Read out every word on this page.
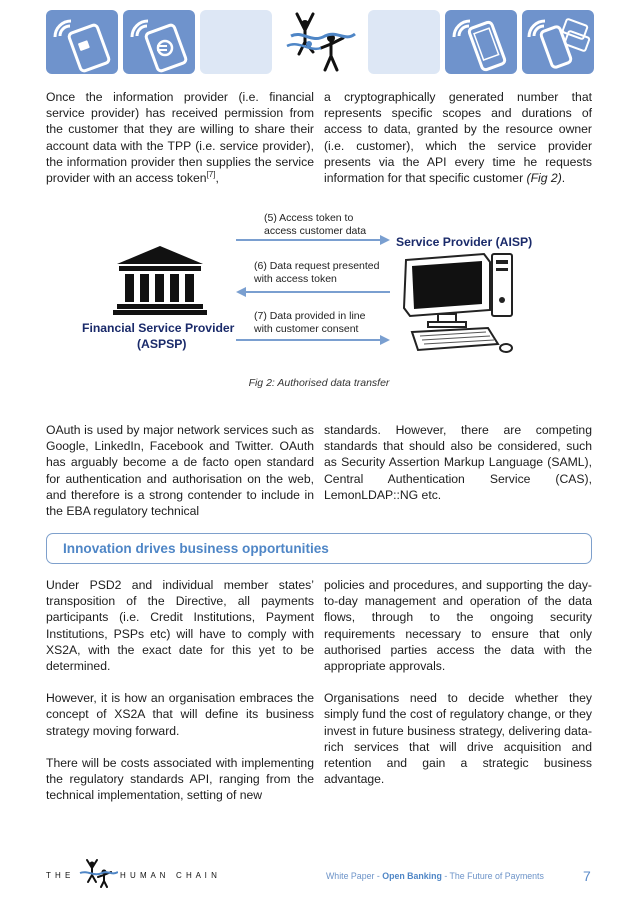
Once the information provider (i.e. financial service provider) has received permission from the customer that they are willing to share their account data with the TPP (i.e. service provider), the information provider then supplies the service provider with an access token[7],

a cryptographically generated number that represents specific scopes and durations of access to data, granted by the resource owner (i.e. customer), which the service provider presents via the API every time he requests information for that specific customer (Fig 2).

Financial Service Provider
(ASPSP)
Service Provider (AISP)
(5) Access token to
access customer data
(6) Data request presented
with access token
(7) Data provided in line
with customer consent
Fig 2: Authorised data transfer

OAuth is used by major network services such as Google, LinkedIn, Facebook and Twitter. OAuth has arguably become a de facto open standard for authentication and authorisation on the web, and therefore is a strong contender to include in the EBA regulatory technical

standards. However, there are competing standards that should also be considered, such as Security Assertion Markup Language (SAML), Central Authentication Service (CAS), LemonLDAP::NG etc.

Innovation drives business opportunities

Under PSD2 and individual member states’ transposition of the Directive, all payments participants (i.e. Credit Institutions, Payment Institutions, PSPs etc) will have to comply with XS2A, with the exact date for this yet to be determined.

However, it is how an organisation embraces the concept of XS2A that will define its business strategy moving forward.

There will be costs associated with implementing the regulatory standards API, ranging from the technical implementation, setting of new

policies and procedures, and supporting the day-to-day management and operation of the data flows, through to the ongoing security requirements necessary to ensure that only authorised parties access the data with the appropriate approvals.

Organisations need to decide whether they simply fund the cost of regulatory change, or they invest in future business strategy, delivering data-rich services that will drive acquisition and retention and gain a strategic business advantage.

T H E	H U M A N   C H A I N	White Paper - Open Banking - The Future of Payments	7
